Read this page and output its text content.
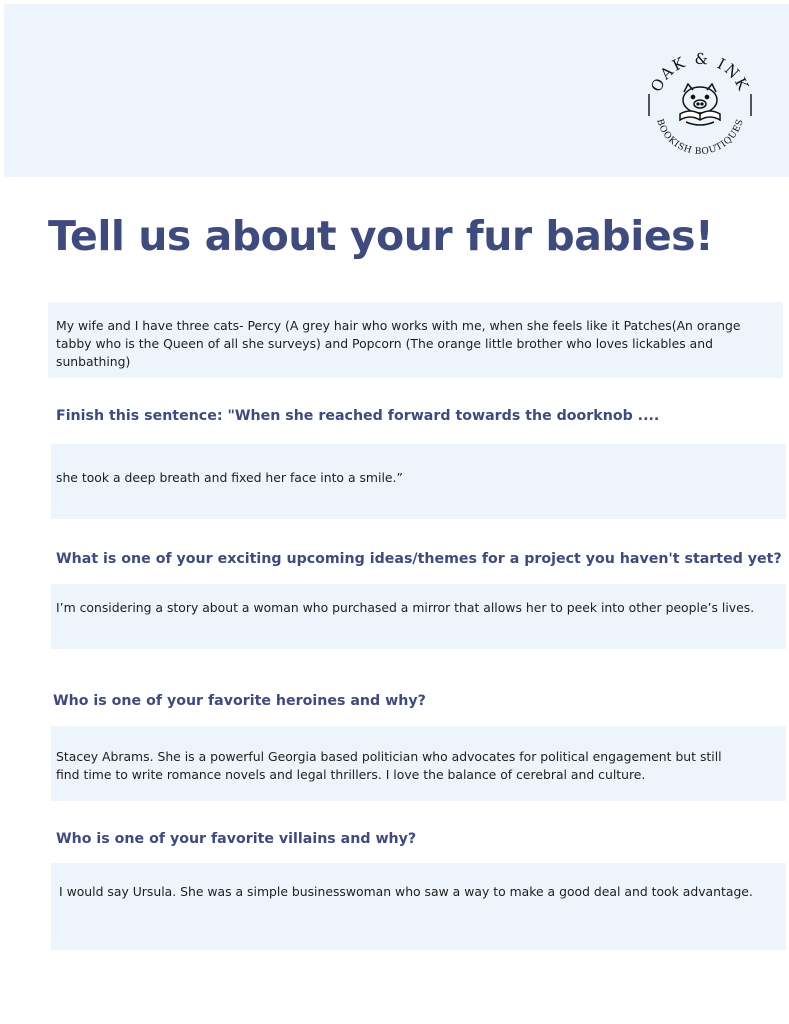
OAK & INK
BOOKISH BOUTIQUES
Tell us about your fur babies!

My wife and I have three cats- Percy (A grey hair who works with me, when she feels like it Patches(An orange tabby who is the Queen of all she surveys) and Popcorn (The orange little brother who loves lickables and sunbathing)

Finish this sentence: "When she reached forward towards the doorknob ....

she took a deep breath and fixed her face into a smile.”

What is one of your exciting upcoming ideas/themes for a project you haven't started yet?

I’m considering a story about a woman who purchased a mirror that allows her to peek into other people’s lives.

Who is one of your favorite heroines and why?

Stacey Abrams. She is a powerful Georgia based politician who advocates for political engagement but still find time to write romance novels and legal thrillers. I love the balance of cerebral and culture.

Who is one of your favorite villains and why?

I would say Ursula. She was a simple businesswoman who saw a way to make a good deal and took advantage.
